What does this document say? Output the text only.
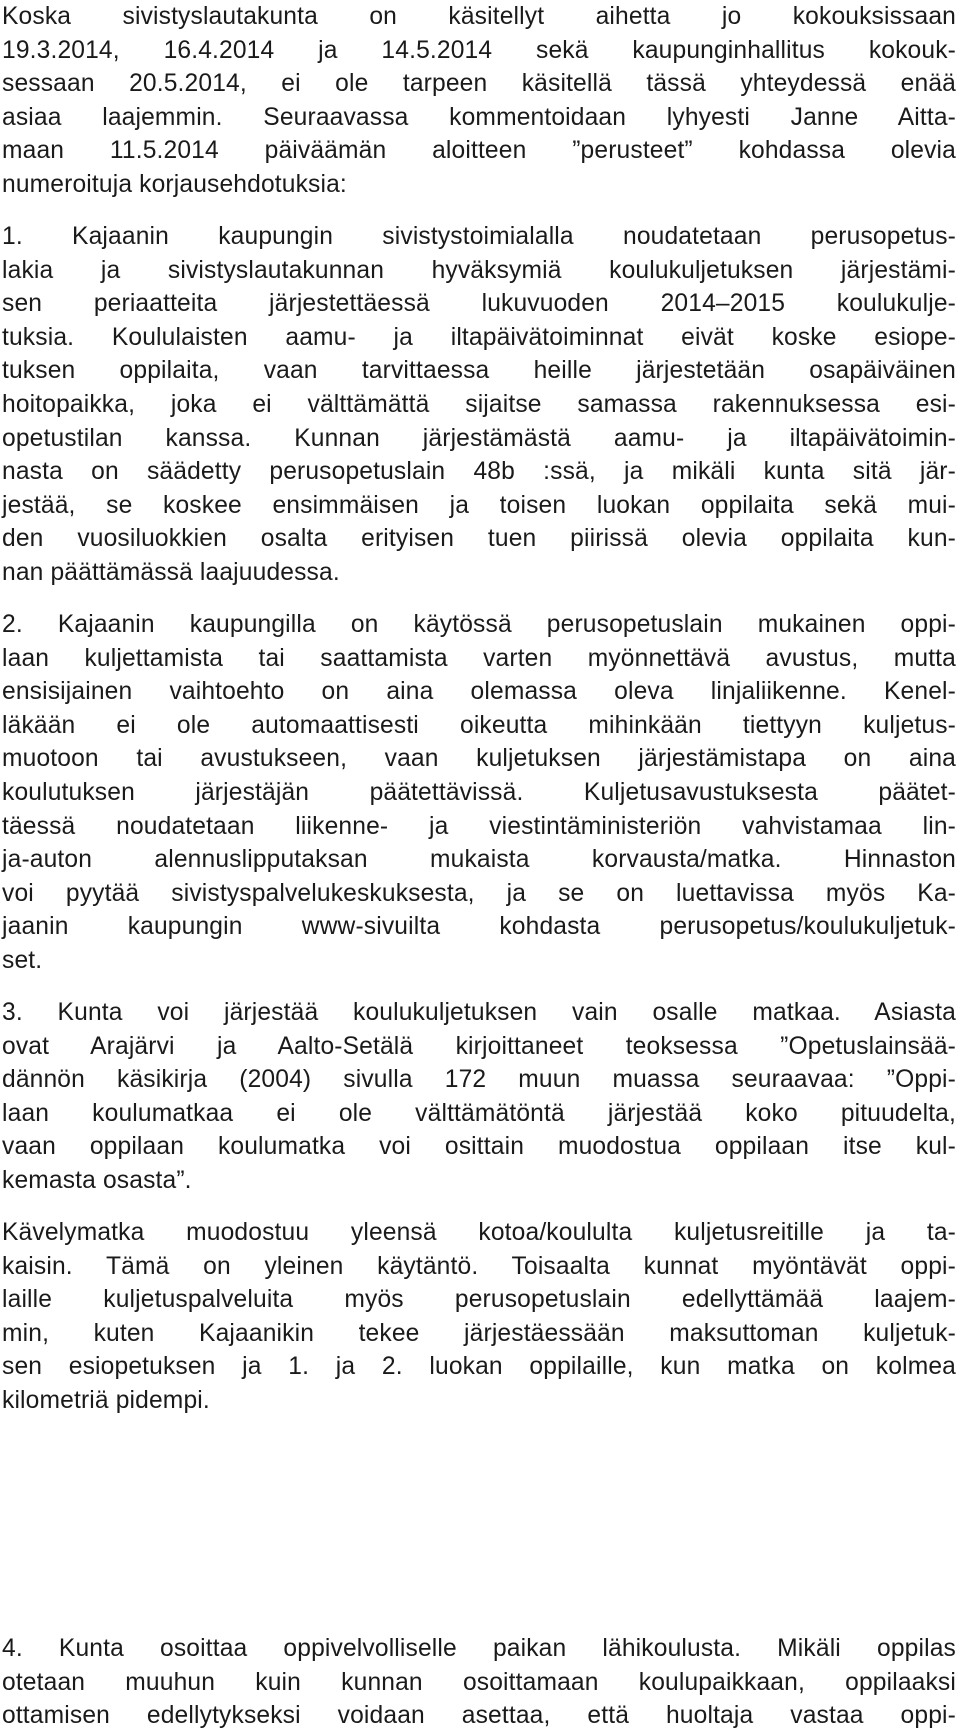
Koska sivistyslautakunta on käsitellyt aihetta jo kokouksissaan
19.3.2014, 16.4.2014 ja 14.5.2014 sekä kaupunginhallitus kokouk-
sessaan 20.5.2014, ei ole tarpeen käsitellä tässä yhteydessä enää
asiaa laajemmin. Seuraavassa kommentoidaan lyhyesti Janne Aitta-
maan 11.5.2014 päiväämän aloitteen ”perusteet” kohdassa olevia
numeroituja korjausehdotuksia:
1. Kajaanin kaupungin sivistystoimialalla noudatetaan perusopetus-
lakia ja sivistyslautakunnan hyväksymiä koulukuljetuksen järjestämi-
sen periaatteita järjestettäessä lukuvuoden 2014–2015 koulukulje-
tuksia. Koululaisten aamu- ja iltapäivätoiminnat eivät koske esiope-
tuksen oppilaita, vaan tarvittaessa heille järjestetään osapäiväinen
hoitopaikka, joka ei välttämättä sijaitse samassa rakennuksessa esi-
opetustilan kanssa. Kunnan järjestämästä aamu- ja iltapäivätoimin-
nasta on säädetty perusopetuslain 48b :ssä, ja mikäli kunta sitä jär-
jestää, se koskee ensimmäisen ja toisen luokan oppilaita sekä mui-
den vuosiluokkien osalta erityisen tuen piirissä olevia oppilaita kun-
nan päättämässä laajuudessa.
2. Kajaanin kaupungilla on käytössä perusopetuslain mukainen oppi-
laan kuljettamista tai saattamista varten myönnettävä avustus, mutta
ensisijainen vaihtoehto on aina olemassa oleva linjaliikenne. Kenel-
läkään ei ole automaattisesti oikeutta mihinkään tiettyyn kuljetus-
muotoon tai avustukseen, vaan kuljetuksen järjestämistapa on aina
koulutuksen järjestäjän päätettävissä. Kuljetusavustuksesta päätet-
täessä noudatetaan liikenne- ja viestintäministeriön vahvistamaa lin-
ja-auton alennuslipputaksan mukaista korvausta/matka. Hinnaston
voi pyytää sivistyspalvelukeskuksesta, ja se on luettavissa myös Ka-
jaanin kaupungin www-sivuilta kohdasta perusopetus/koulukuljetuk-
set.
3. Kunta voi järjestää koulukuljetuksen vain osalle matkaa. Asiasta
ovat Arajärvi ja Aalto-Setälä kirjoittaneet teoksessa ”Opetuslainsää-
dännön käsikirja (2004) sivulla 172 muun muassa seuraavaa: ”Oppi-
laan koulumatkaa ei ole välttämätöntä järjestää koko pituudelta,
vaan oppilaan koulumatka voi osittain muodostua oppilaan itse kul-
kemasta osasta”.
Kävelymatka muodostuu yleensä kotoa/koululta kuljetusreitille ja ta-
kaisin. Tämä on yleinen käytäntö. Toisaalta kunnat myöntävät oppi-
laille kuljetuspalveluita myös perusopetuslain edellyttämää laajem-
min, kuten Kajaanikin tekee järjestäessään maksuttoman kuljetuk-
sen esiopetuksen ja 1. ja 2. luokan oppilaille, kun matka on kolmea
kilometriä pidempi.
4. Kunta osoittaa oppivelvolliselle paikan lähikoulusta. Mikäli oppilas
otetaan muuhun kuin kunnan osoittamaan koulupaikkaan, oppilaaksi
ottamisen edellytykseksi voidaan asettaa, että huoltaja vastaa oppi-
